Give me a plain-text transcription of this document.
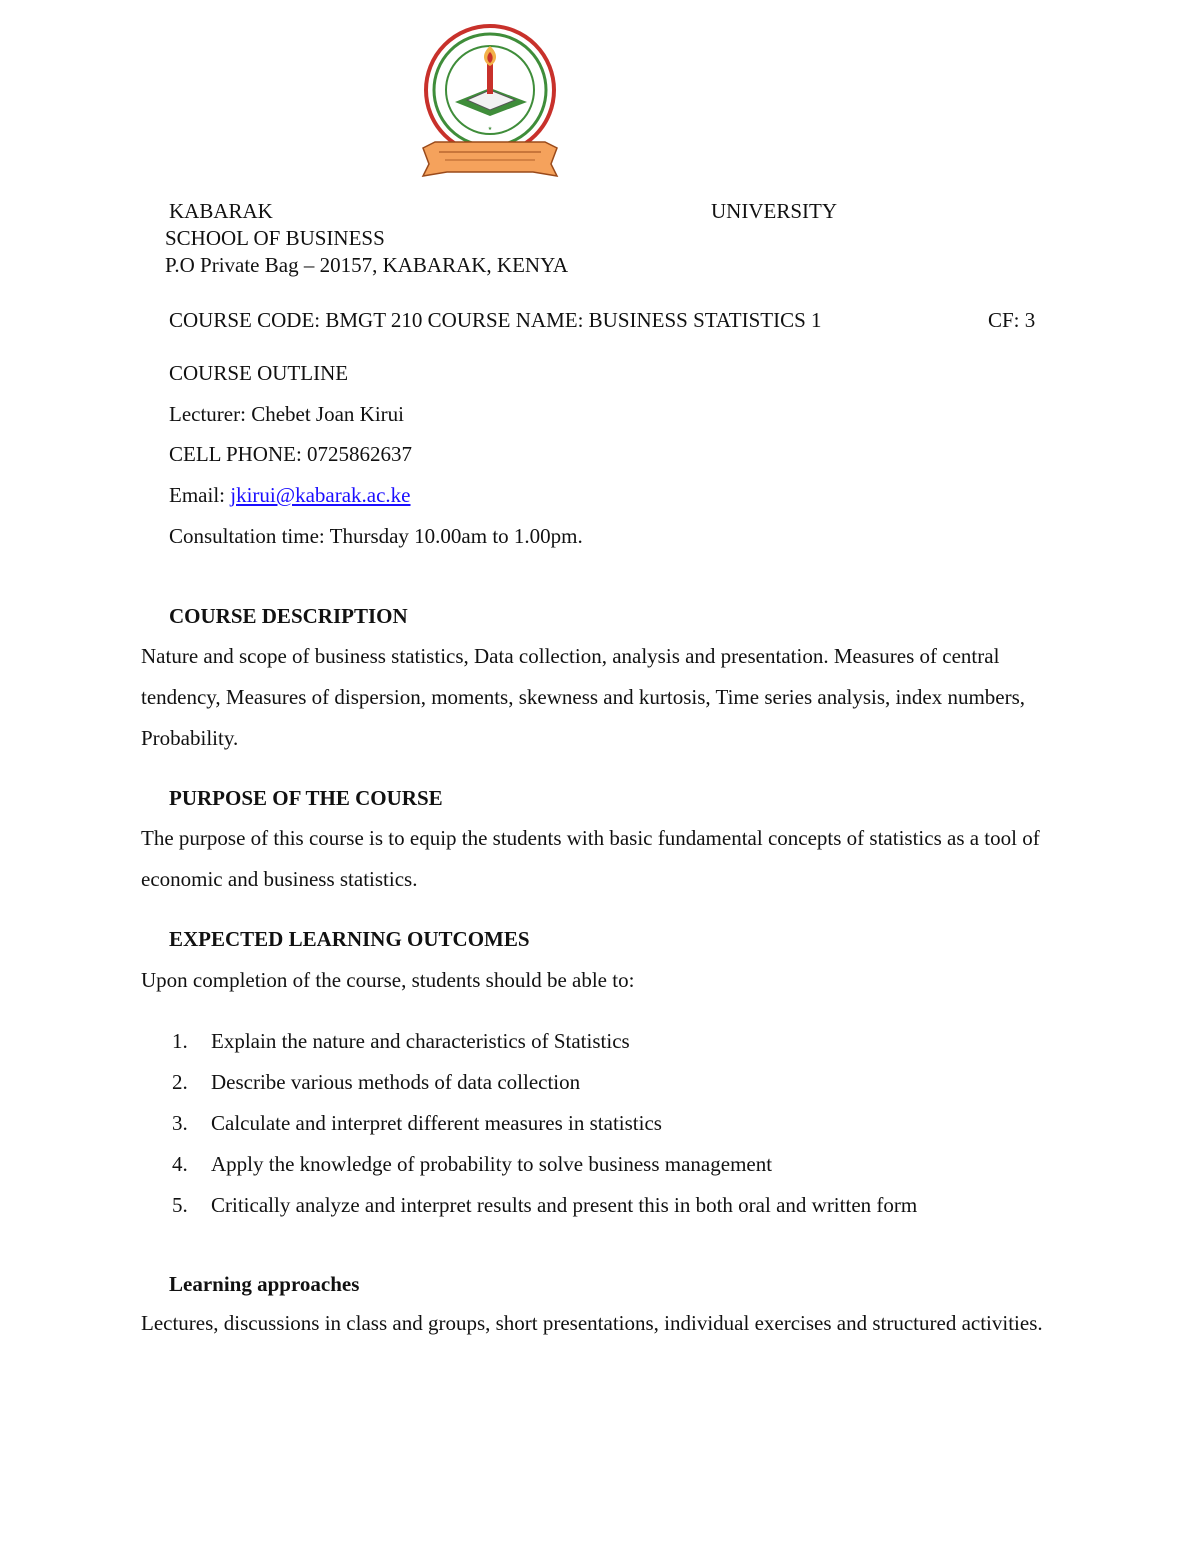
★
KABARAK	UNIVERSITY
SCHOOL OF BUSINESS
P.O Private Bag – 20157, KABARAK, KENYA
COURSE CODE: BMGT 210 COURSE NAME: BUSINESS STATISTICS 1	CF: 3
COURSE OUTLINE
Lecturer: Chebet Joan Kirui
CELL PHONE: 0725862637
Email: jkirui@kabarak.ac.ke
Consultation time: Thursday 10.00am to 1.00pm.
COURSE DESCRIPTION
Nature and scope of business statistics, Data collection, analysis and presentation. Measures of central tendency, Measures of dispersion, moments, skewness and kurtosis, Time series analysis, index numbers, Probability.
PURPOSE OF THE COURSE
The purpose of this course is to equip the students with basic fundamental concepts of statistics as a tool of economic and business statistics.
EXPECTED LEARNING OUTCOMES
Upon completion of the course, students should be able to:
1. Explain the nature and characteristics of Statistics
2. Describe various methods of data collection
3. Calculate and interpret different measures in statistics
4. Apply the knowledge of probability to solve business management
5. Critically analyze and interpret results and present this in both oral and written form
Learning approaches
Lectures, discussions in class and groups, short presentations, individual exercises and structured activities.
